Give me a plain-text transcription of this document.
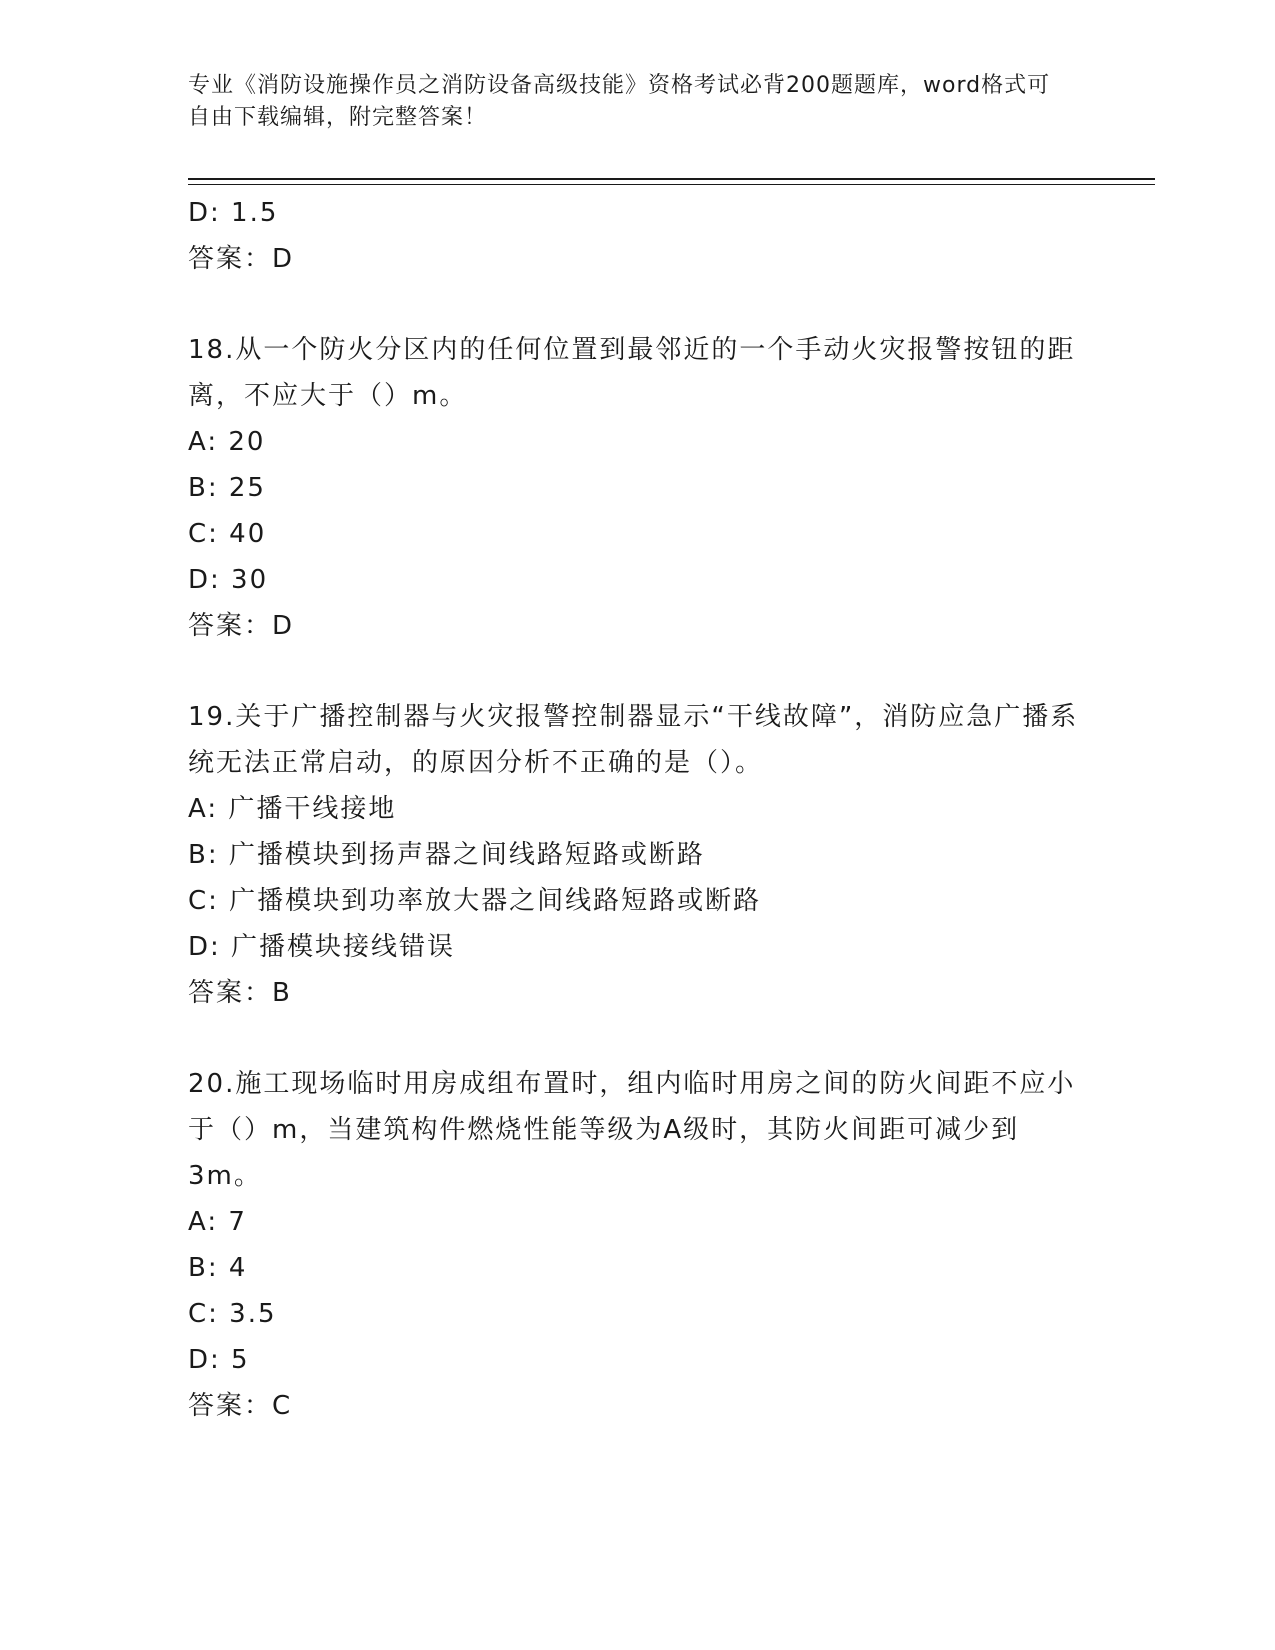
专业《消防设施操作员之消防设备高级技能》资格考试必背200题题库，word格式可自由下载编辑，附完整答案！
D: 1.5
答案：D
18.从一个防火分区内的任何位置到最邻近的一个手动火灾报警按钮的距离，不应大于（）m。
A: 20
B: 25
C: 40
D: 30
答案：D
19.关于广播控制器与火灾报警控制器显示“干线故障”，消防应急广播系统无法正常启动，的原因分析不正确的是（）。
A: 广播干线接地
B: 广播模块到扬声器之间线路短路或断路
C: 广播模块到功率放大器之间线路短路或断路
D: 广播模块接线错误
答案：B
20.施工现场临时用房成组布置时，组内临时用房之间的防火间距不应小于（）m，当建筑构件燃烧性能等级为A级时，其防火间距可减少到3m。
A: 7
B: 4
C: 3.5
D: 5
答案：C
